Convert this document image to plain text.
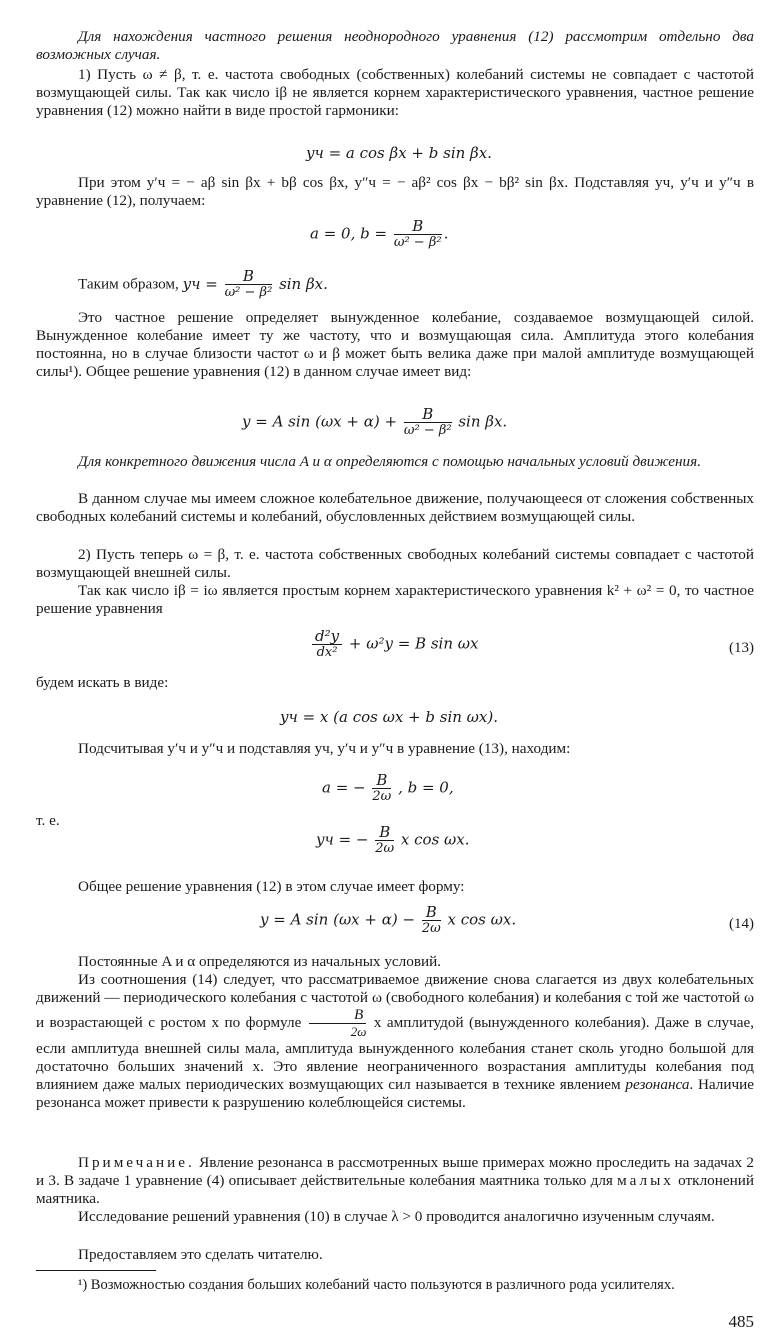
Для нахождения частного решения неоднородного уравнения (12) рассмотрим отдельно два возможных случая.

1) Пусть ω ≠ β, т. е. частота свободных (собственных) колебаний системы не совпадает с частотой возмущающей силы. Так как число iβ не является корнем характеристического уравнения, частное решение уравнения (12) можно найти в виде простой гармоники:

yч = a cos βx + b sin βx.

При этом y′ч = − aβ sin βx + bβ cos βx, y″ч = − aβ² cos βx − bβ² sin βx. Подставляя yч, y′ч и y″ч в уравнение (12), получаем:

a = 0, $b = \frac{B}{\text{ω² − β²}}$ .
Таким образом, yч = $\frac{B}{\text{ω² − β²}}$ sin βx.

Это частное решение определяет вынужденное колебание, создаваемое возмущающей силой. Вынужденное колебание имеет ту же частоту, что и возмущающая сила. Амплитуда этого колебания постоянна, но в случае близости частот ω и β может быть велика даже при малой амплитуде возмущающей силы¹). Общее решение уравнения (12) в данном случае имеет вид:

y = A $\sin (\omega x + \alpha) + \frac{B}{\text{ω² − β²}}$ sin βx.

Для конкретного движения числа A и α определяются с помощью начальных условий движения.

В данном случае мы имеем сложное колебательное движение, получающееся от сложения собственных свободных колебаний системы и колебаний, обусловленных действием возмущающей силы.

2) Пусть теперь ω = β, т. е. частота собственных свободных колебаний системы совпадает с частотой возмущающей внешней силы.

Так как число iβ = iω является простым корнем характеристического уравнения k² + ω² = 0, то частное решение уравнения

$\frac{\text{d²y}}{\text{dx²}} + \omega^2y = B$ sin ωx	(13)

будем искать в виде:

yч = x (a cos ωx + b sin ωx).

Подсчитывая y′ч и y″ч и подставляя yч, y′ч и y″ч в уравнение (13), находим:

a = − $\frac{B}{2\omega}$ , b = 0,

т. е.

yч = − $\frac{B}{2\omega}$ x cos ωx.

Общее решение уравнения (12) в этом случае имеет форму:

y = A $\sin (\omega x + \alpha) - \frac{B}{2\omega}$ x cos ωx.	(14)

Постоянные A и α определяются из начальных условий.

Из соотношения (14) следует, что рассматриваемое движение снова слагается из двух колебательных движений — периодического колебания с частотой ω (свободного колебания) и колебания с той же частотой ω и возрастающей с ростом x по формуле $\frac{B}{2\omega}$ x амплитудой (вынужденного колебания). Даже в случае, если амплитуда внешней силы мала, амплитуда вынужденного колебания станет сколь угодно большой для достаточно больших значений x. Это явление неограниченного возрастания амплитуды колебания под влиянием даже малых периодических возмущающих сил называется в технике явлением резонанса. Наличие резонанса может привести к разрушению колеблющейся системы.

Примечание. Явление резонанса в рассмотренных выше примерах можно проследить на задачах 2 и 3. В задаче 1 уравнение (4) описывает действительные колебания маятника только для малых отклонений маятника.

Исследование решений уравнения (10) в случае λ > 0 проводится аналогично изученным случаям.

Предоставляем это сделать читателю.

¹) Возможностью создания больших колебаний часто пользуются в различного рода усилителях.

485
